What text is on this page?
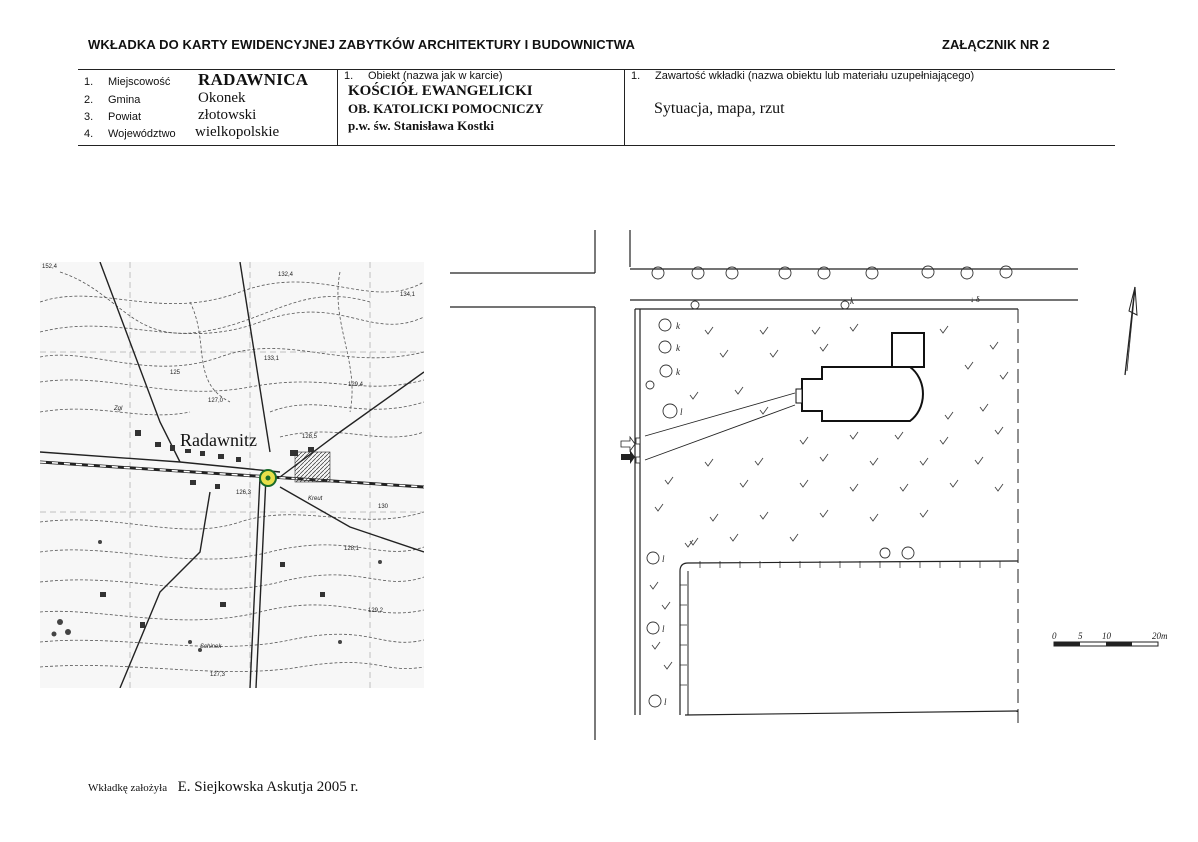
WKŁADKA DO KARTY EWIDENCYJNEJ ZABYTKÓW ARCHITEKTURY I BUDOWNICTWA	ZAŁĄCZNIK NR 2
1. Miejscowość RADAWNICA
2. Gmina	Okonek
3. Powiat	złotowski
4. Województwo wielkopolskie
1. Obiekt (nazwa jak w karcie)
KOŚCIÓŁ EWANGELICKI
OB. KATOLICKI POMOCNICZY
p.w. św. Stanisława Kostki
1. Zawartość wkładki (nazwa obiektu lub materiału uzupełniającego)
Sytuacja, mapa, rzut
Radawnitz
152,4
134,1
132,4
133,1
129,4
127,0
128,5
126,3
128,1
127,3
129,2
130
125
Zgl
Kreut
Schinek
k
k
k
k
l
l
l
l
↓ δ
0 5 10	20m
Wkładkę założyła E. Siejkowska Askutja 2005 r.
